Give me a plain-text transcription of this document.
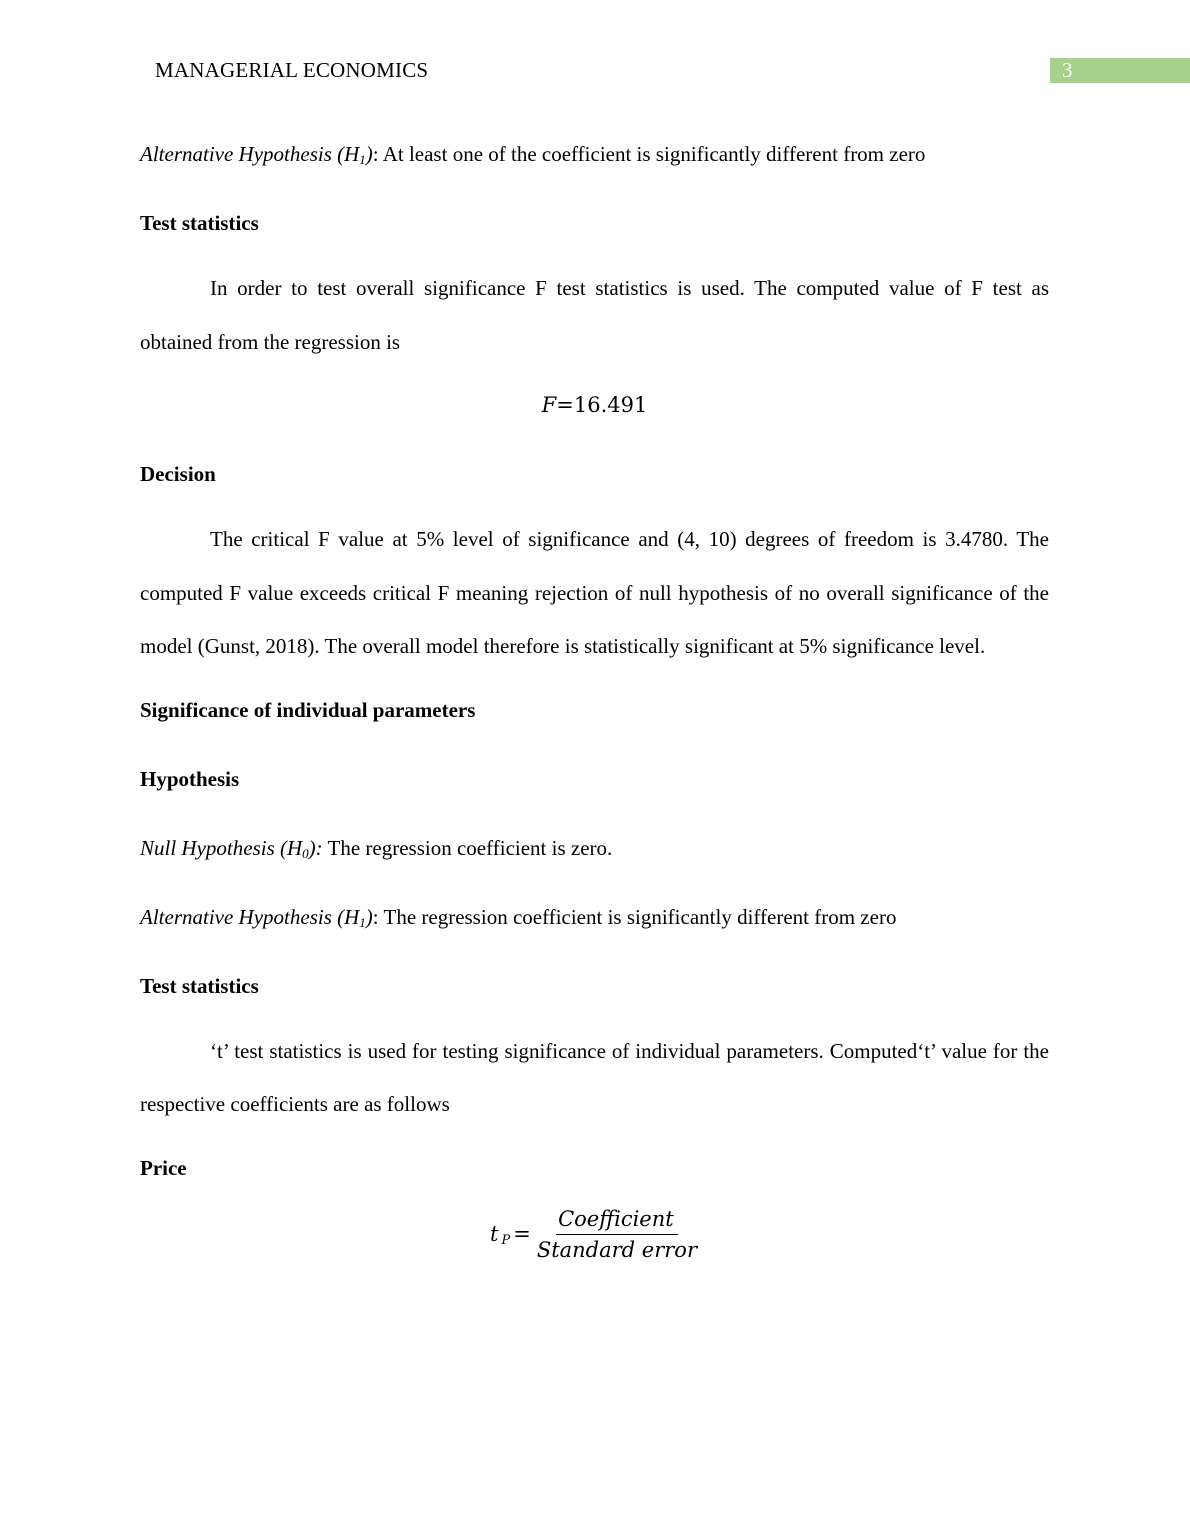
MANAGERIAL ECONOMICS	3

Alternative Hypothesis $(H_1)$: At least one of the coefficient is significantly different from zero

Test statistics

In order to test overall significance F test statistics is used. The computed value of F test as obtained from the regression is

F=16.491

Decision

The critical F value at 5% level of significance and (4, 10) degrees of freedom is 3.4780. The computed F value exceeds critical F meaning rejection of null hypothesis of no overall significance of the model (Gunst, 2018). The overall model therefore is statistically significant at 5% significance level.

Significance of individual parameters

Hypothesis

Null Hypothesis $(H_0)$: The regression coefficient is zero.

Alternative Hypothesis $(H_1)$: The regression coefficient is significantly different from zero

Test statistics

‘t’ test statistics is used for testing significance of individual parameters. Computed‘t’ value for the respective coefficients are as follows

Price

t $_P = \frac{\text{Coefficient}}{\text{Standard error}}$
